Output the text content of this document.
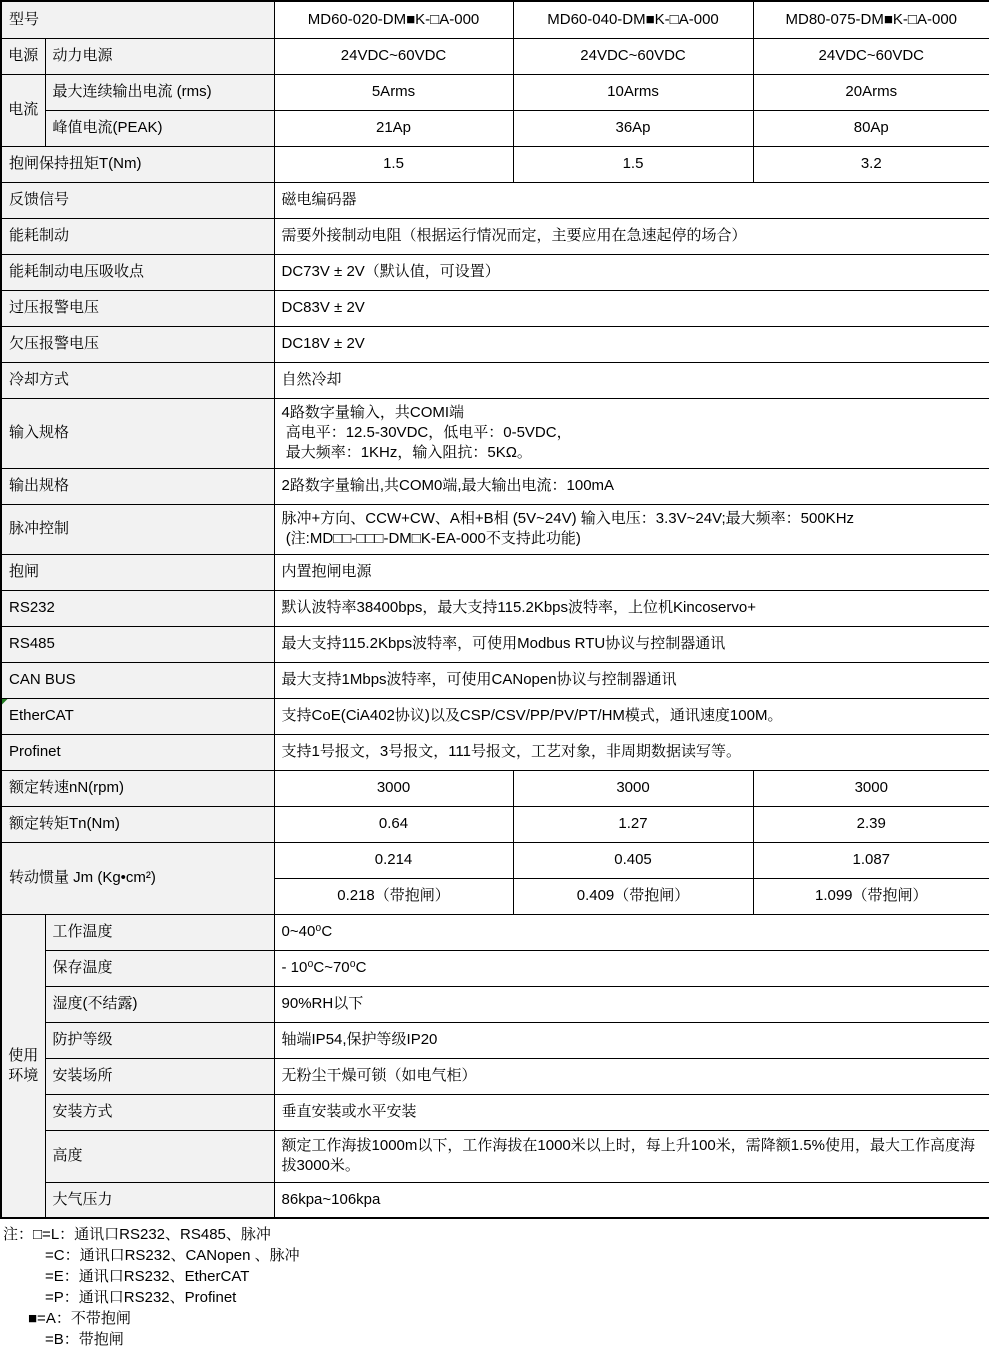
型号		MD60-020-DM■K-□A-000	MD60-040-DM■K-□A-000	MD80-075-DM■K-□A-000
电源	动力电源	24VDC~60VDC	24VDC~60VDC	24VDC~60VDC
电流	最大连续输出电流 (rms)	5Arms	10Arms	20Arms
	峰值电流(PEAK)	21Ap	36Ap	80Ap
抱闸保持扭矩T(Nm)		1.5	1.5	3.2
反馈信号		磁电编码器		
能耗制动		需要外接制动电阻（根据运行情况而定，主要应用在急速起停的场合）		
能耗制动电压吸收点		DC73V ± 2V（默认值，可设置）		
过压报警电压		DC83V ± 2V		
欠压报警电压		DC18V ± 2V		
冷却方式		自然冷却		
输入规格		4路数字量输入，共COMI端
高电平：12.5-30VDC，低电平：0-5VDC，
最大频率：1KHz，输入阻抗：5KΩ。		

输出规格		2路数字量输出,共COM0端,最大输出电流：100mA		
脉冲控制		脉冲+方向、CCW+CW、A相+B相 (5V~24V) 输入电压：3.3V~24V;最大频率：500KHz
(注:MD□□-□□□-DM□K-EA-000不支持此功能)		

抱闸		内置抱闸电源		
RS232		默认波特率38400bps，最大支持115.2Kbps波特率，上位机Kincoservo+		
RS485		最大支持115.2Kbps波特率，可使用Modbus RTU协议与控制器通讯		
CAN BUS		最大支持1Mbps波特率，可使用CANopen协议与控制器通讯		

EtherCAT		支持CoE(CiA402协议)以及CSP/CSV/PP/PV/PT/HM模式，通讯速度100M。		
Profinet		支持1号报文，3号报文，111号报文，工艺对象，非周期数据读写等。		
额定转速nN(rpm)		3000	3000	3000
额定转矩Tn(Nm)		0.64	1.27	2.39
转动惯量 Jm (Kg•cm²)		0.214	0.405	1.087
		0.218（带抱闸）	0.409（带抱闸）	1.099（带抱闸）
使用环境	工作温度	0~40⁰C		
	保存温度	- 10⁰C~70⁰C		
	湿度(不结露)	90%RH以下		
	防护等级	轴端IP54,保护等级IP20		
	安装场所	无粉尘干燥可锁（如电气柜）		
	安装方式	垂直安装或水平安装		
	高度	额定工作海拔1000m以下，工作海拔在1000米以上时，每上升100米，需降额1.5%使用，最大工作高度海拔3000米。		
	大气压力	86kpa~106kpa		
注：□=L：通讯口RS232、RS485、脉冲
=C：通讯口RS232、CANopen 、脉冲
=E：通讯口RS232、EtherCAT
=P：通讯口RS232、Profinet
■=A：不带抱闸
=B：带抱闸
